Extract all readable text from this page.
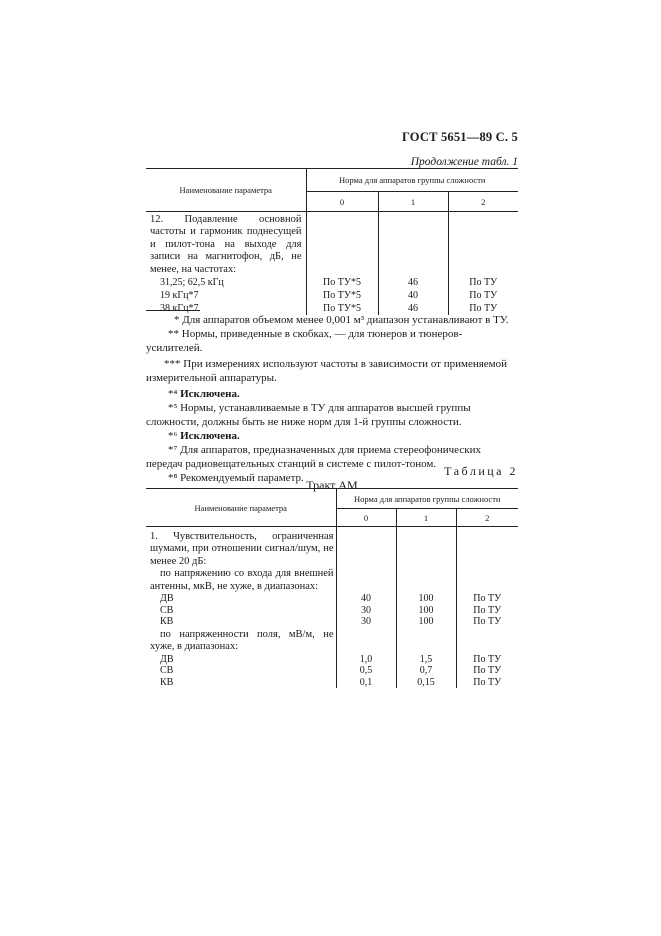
ГОСТ 5651—89 С. 5
Продолжение табл. 1
Наименование параметра	Норма для аппаратов группы сложности		
	0	1	2

12. Подавление основной частоты и гармоник поднесущей и пилот-тона на выходе для записи на магнитофон, дБ, не менее, на частотах:			

31,25; 62,5 кГц	По ТУ*5	46	По ТУ
19 кГц*7	По ТУ*5	40	По ТУ
38 кГц*7	По ТУ*5	46	По ТУ

* Для аппаратов объемом менее 0,001 м³ диапазон устанавливают в ТУ.

** Нормы, приведенные в скобках, — для тюнеров и тюнеров-усилителей.

*** При измерениях используют частоты в зависимости от применяемой измерительной аппаратуры.

*⁴ Исключена.

*⁵ Нормы, устанавливаемые в ТУ для аппаратов высшей группы сложности, должны быть не ниже норм для 1-й группы сложности.

*⁶ Исключена.

*⁷ Для аппаратов, предназначенных для приема стереофонических передач радиовещательных станций в системе с пилот-тоном.

*⁸ Рекомендуемый параметр.	Таблица 2
Тракт АМ
Наименование параметра	Норма для аппаратов группы сложности		
	0	1	2

1. Чувствительность, ограниченная шумами, при отношении сигнал/шум, не менее 20 дБ:			

по напряжению со входа для внешней антенны, мкВ, не хуже, в диапазонах:			

ДВ	40	100	По ТУ
СВ	30	100	По ТУ
КВ	30	100	По ТУ

по напряженности поля, мВ/м, не хуже, в диапазонах:			

ДВ	1,0	1,5	По ТУ
СВ	0,5	0,7	По ТУ
КВ	0,1	0,15	По ТУ
